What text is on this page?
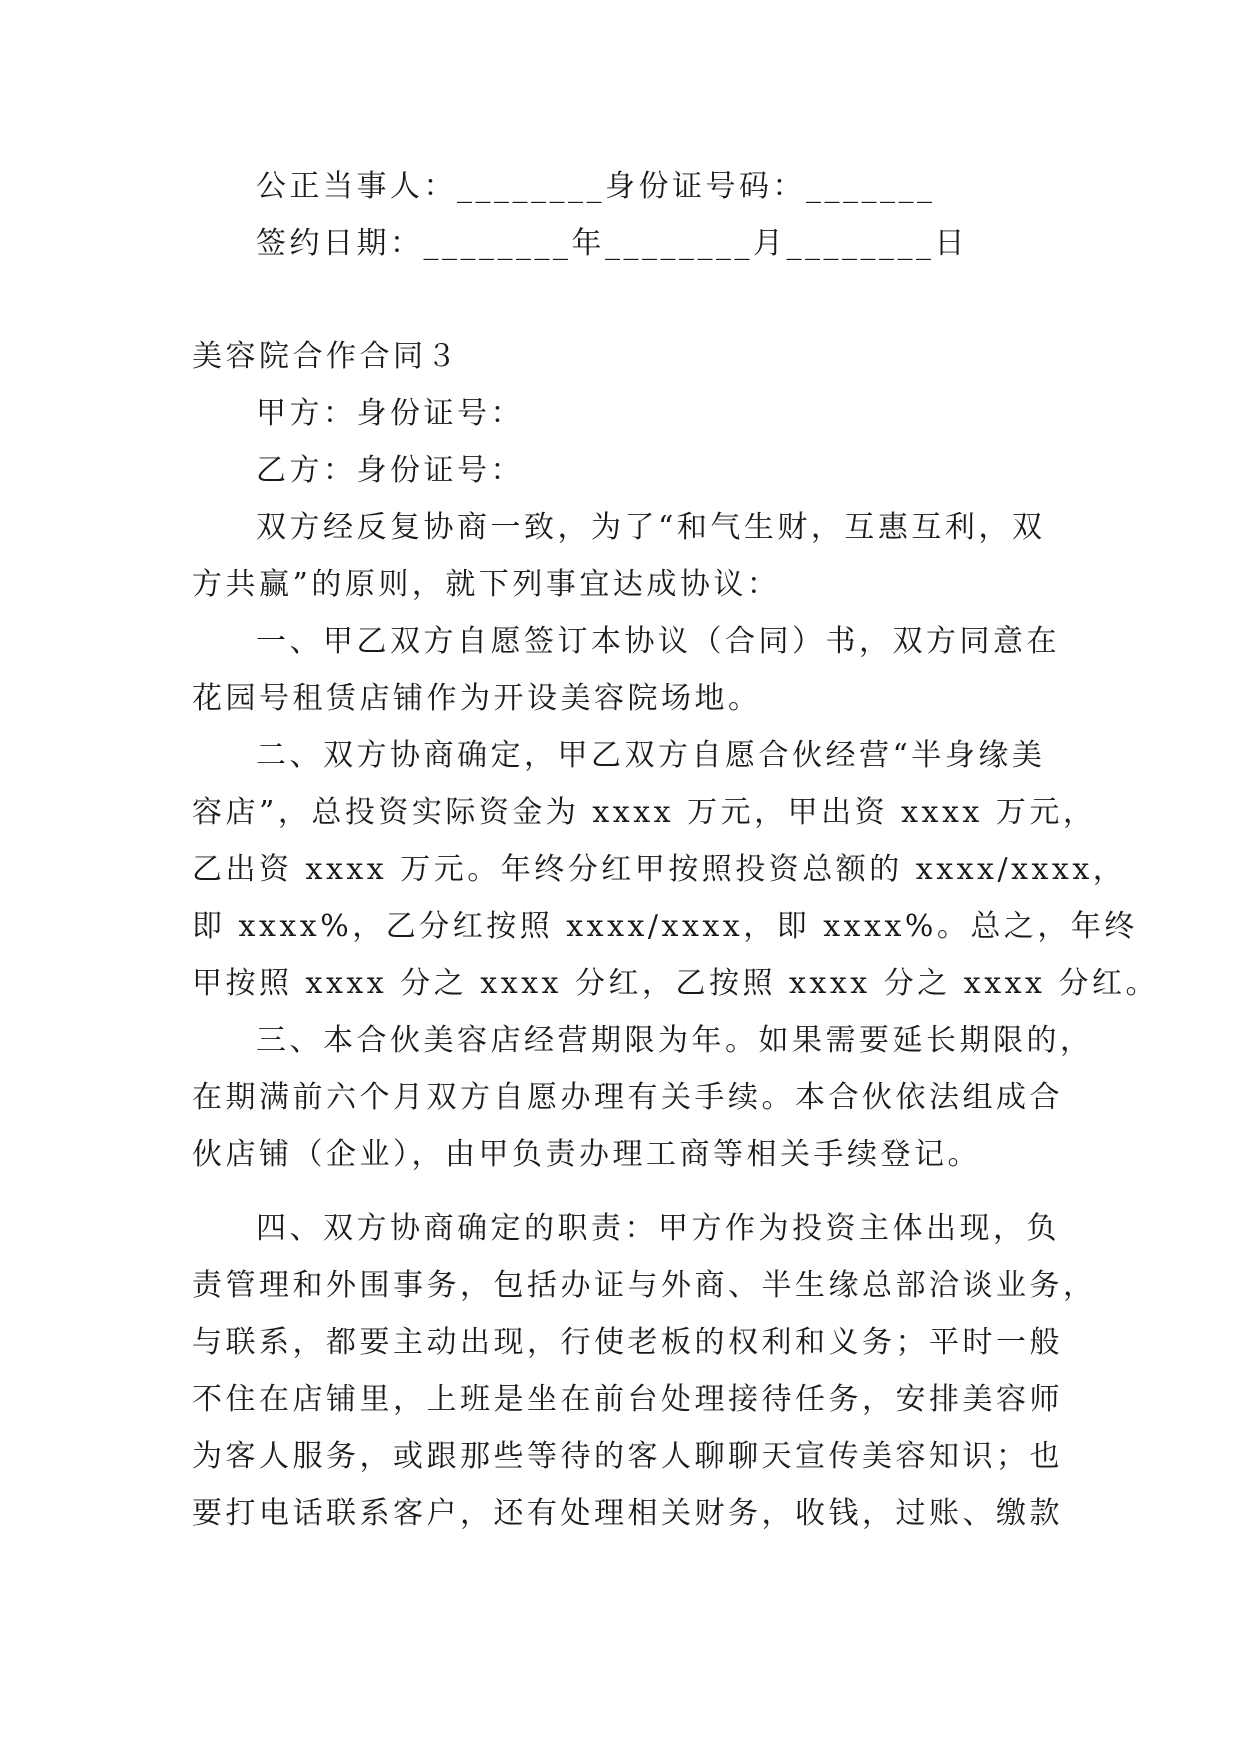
公正当事人：________身份证号码：_______
签约日期：________年________月________日
美容院合作合同３
甲方：身份证号：
乙方：身份证号：
双方经反复协商一致，为了“和气生财，互惠互利，双
方共赢”的原则，就下列事宜达成协议：
一、甲乙双方自愿签订本协议（合同）书，双方同意在
花园号租赁店铺作为开设美容院场地。
二、双方协商确定，甲乙双方自愿合伙经营“半身缘美
容店”，总投资实际资金为 xxxx 万元，甲出资 xxxx 万元，
乙出资 xxxx 万元。年终分红甲按照投资总额的 xxxx/xxxx，
即 xxxx%，乙分红按照 xxxx/xxxx，即 xxxx%。总之，年终
甲按照 xxxx 分之 xxxx 分红，乙按照 xxxx 分之 xxxx 分红。
三、本合伙美容店经营期限为年。如果需要延长期限的，
在期满前六个月双方自愿办理有关手续。本合伙依法组成合
伙店铺（企业），由甲负责办理工商等相关手续登记。
四、双方协商确定的职责：甲方作为投资主体出现，负
责管理和外围事务，包括办证与外商、半生缘总部洽谈业务，
与联系，都要主动出现，行使老板的权利和义务；平时一般
不住在店铺里，上班是坐在前台处理接待任务，安排美容师
为客人服务，或跟那些等待的客人聊聊天宣传美容知识；也
要打电话联系客户，还有处理相关财务，收钱，过账、缴款
